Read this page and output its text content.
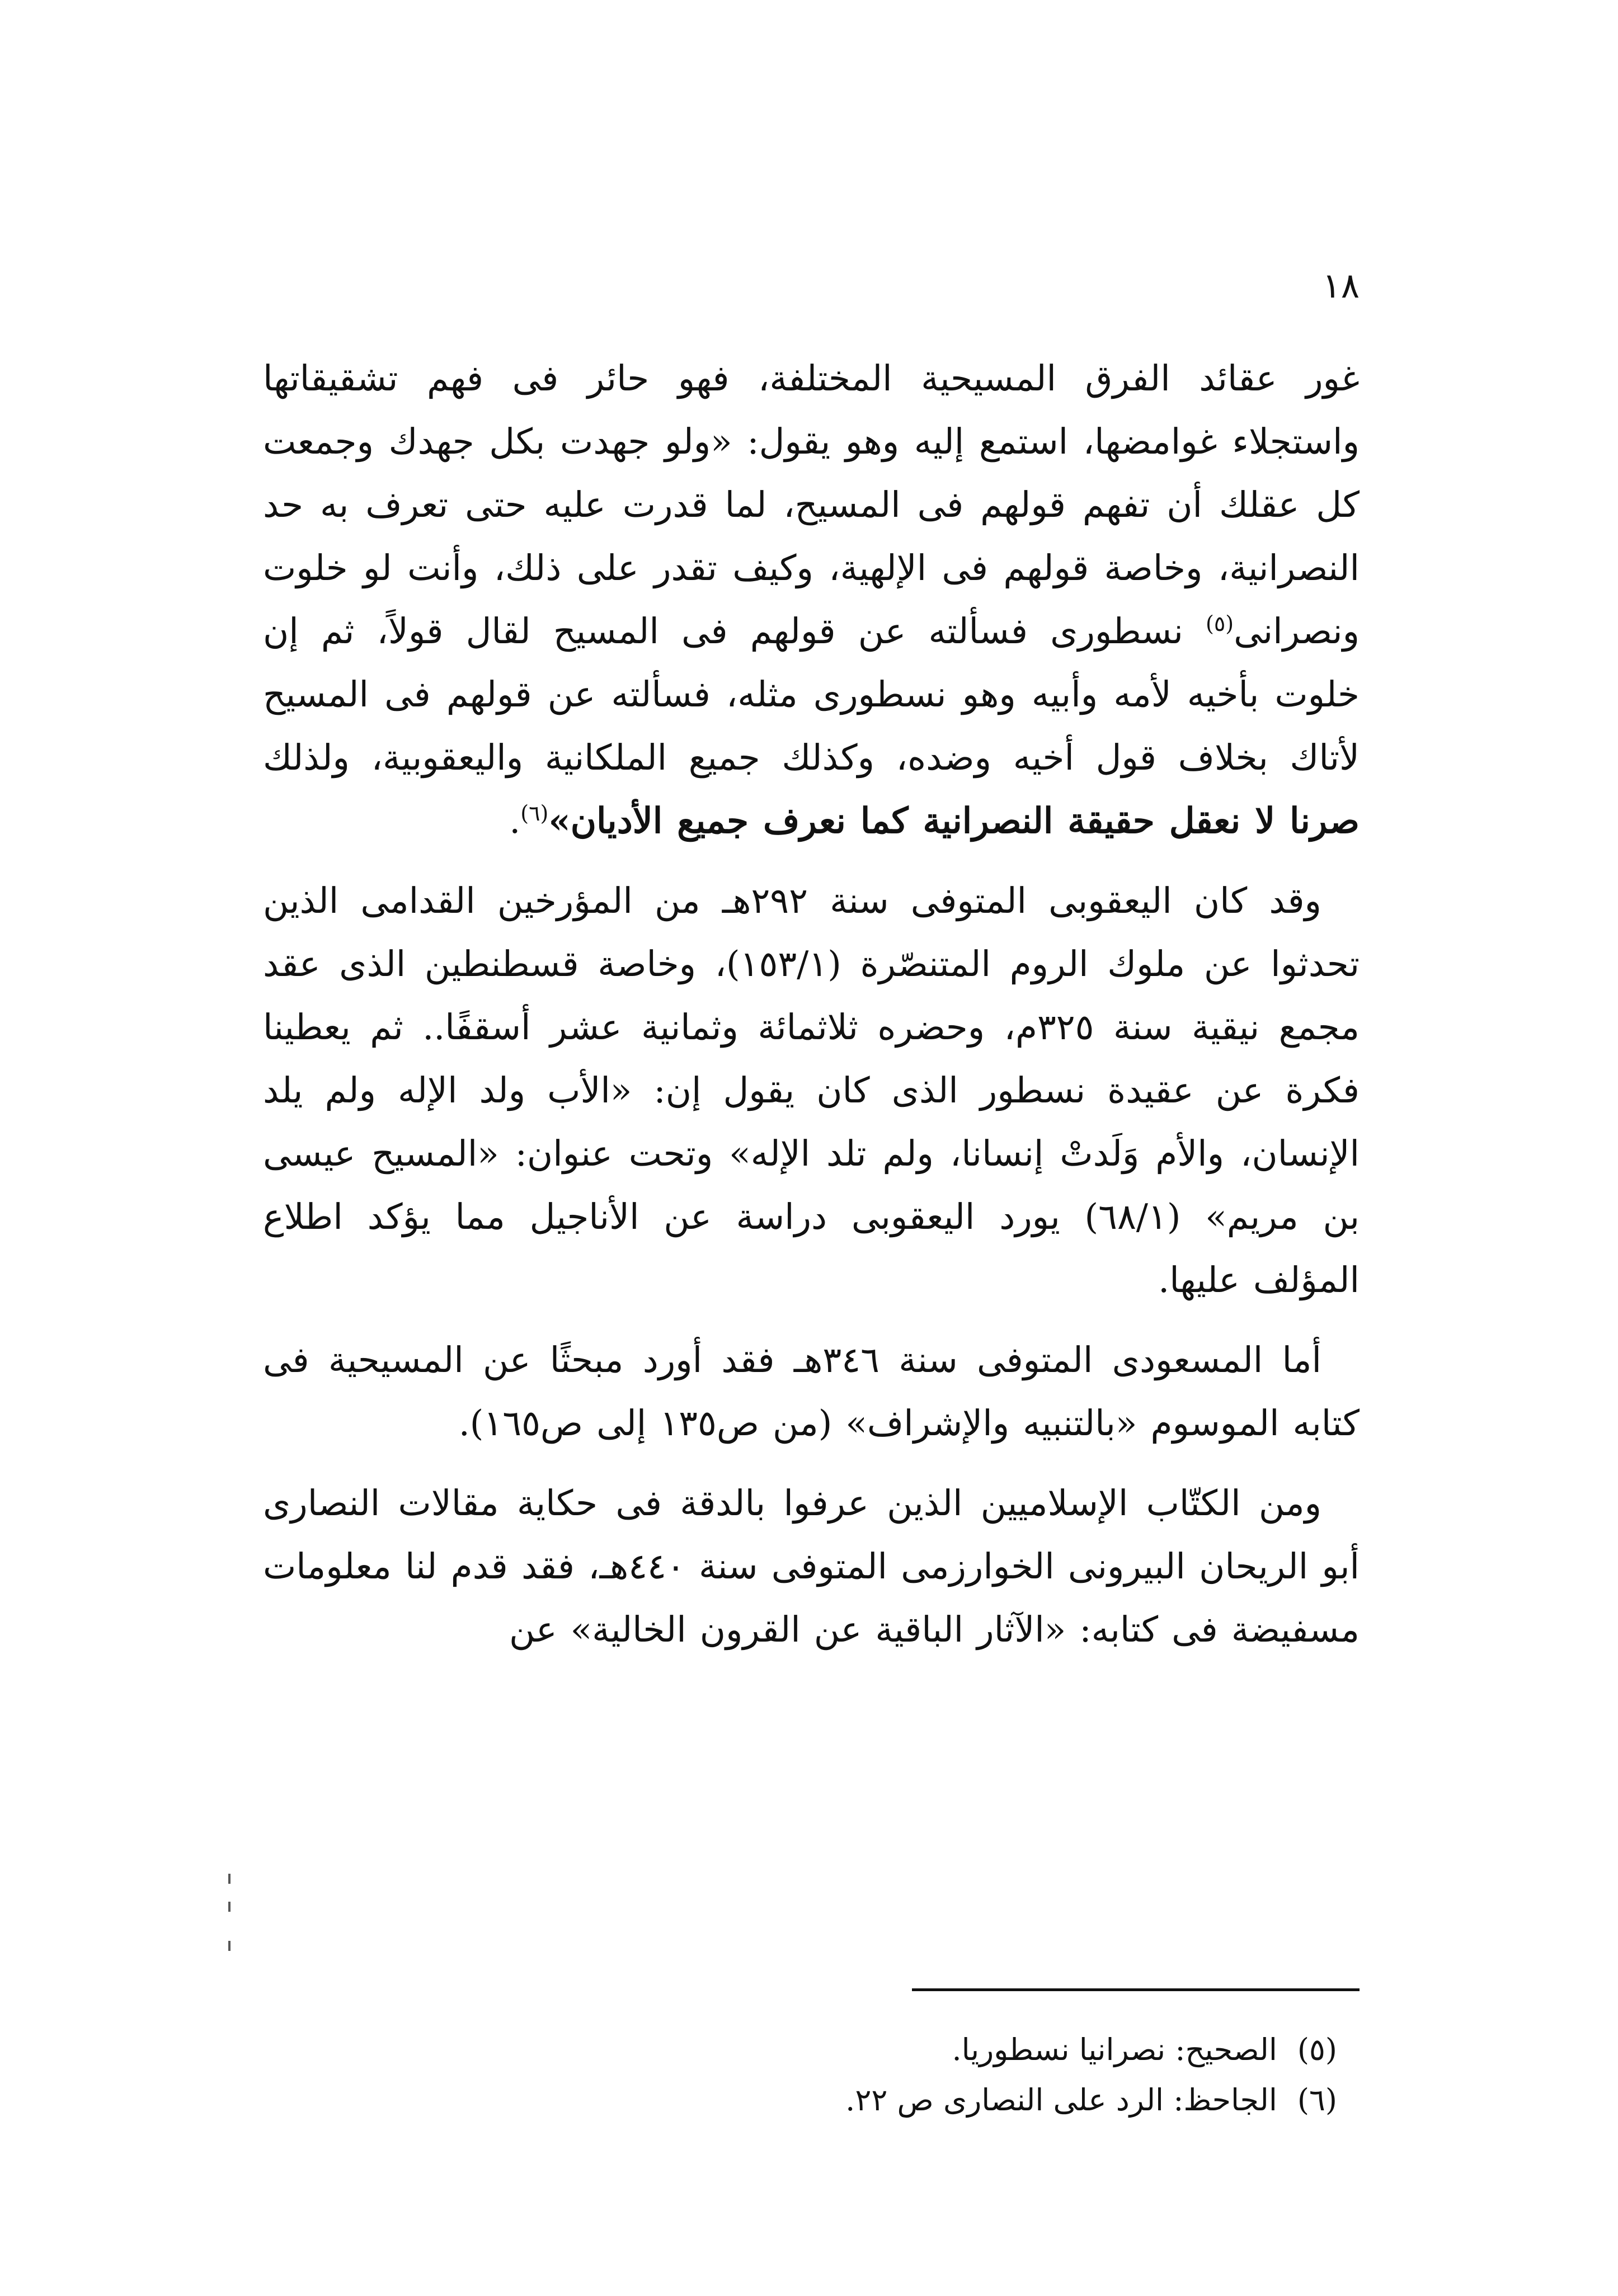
١٨

غور عقائد الفرق المسيحية المختلفة، فهو حائر فى فهم تشقيقاتها واستجلاء غوامضها، استمع إليه وهو يقول: «ولو جهدت بكل جهدك وجمعت كل عقلك أن تفهم قولهم فى المسيح، لما قدرت عليه حتى تعرف به حد النصرانية، وخاصة قولهم فى الإلهية، وكيف تقدر على ذلك، وأنت لو خلوت ونصرانى$^{(٥)}$ نسطورى فسألته عن قولهم فى المسيح لقال قولاً، ثم إن خلوت بأخيه لأمه وأبيه وهو نسطورى مثله، فسألته عن قولهم فى المسيح لأتاك بخلاف قول أخيه وضده، وكذلك جميع الملكانية واليعقوبية، ولذلك صرنا لا نعقل حقيقة النصرانية كما نعرف جميع الأديان»$^{(٦)}$.

وقد كان اليعقوبى المتوفى سنة ٢٩٢هـ من المؤرخين القدامى الذين تحدثوا عن ملوك الروم المتنصّرة (١٥٣/١)، وخاصة قسطنطين الذى عقد مجمع نيقية سنة ٣٢٥م، وحضره ثلاثمائة وثمانية عشر أسقفًا.. ثم يعطينا فكرة عن عقيدة نسطور الذى كان يقول إن: «الأب ولد الإله ولم يلد الإنسان، والأم وَلَدتْ إنسانا، ولم تلد الإله» وتحت عنوان: «المسيح عيسى بن مريم» (٦٨/١) يورد اليعقوبى دراسة عن الأناجيل مما يؤكد اطلاع المؤلف عليها.

أما المسعودى المتوفى سنة ٣٤٦هـ فقد أورد مبحثًا عن المسيحية فى كتابه الموسوم «بالتنبيه والإشراف» (من ص١٣٥ إلى ص١٦٥).

ومن الكتّاب الإسلاميين الذين عرفوا بالدقة فى حكاية مقالات النصارى أبو الريحان البيرونى الخوارزمى المتوفى سنة ٤٤٠هـ، فقد قدم لنا معلومات مسفيضة فى كتابه: «الآثار الباقية عن القرون الخالية» عن

(٥) الصحيح: نصرانيا نسطوريا.

(٦) الجاحظ: الرد على النصارى ص ٢٢.
